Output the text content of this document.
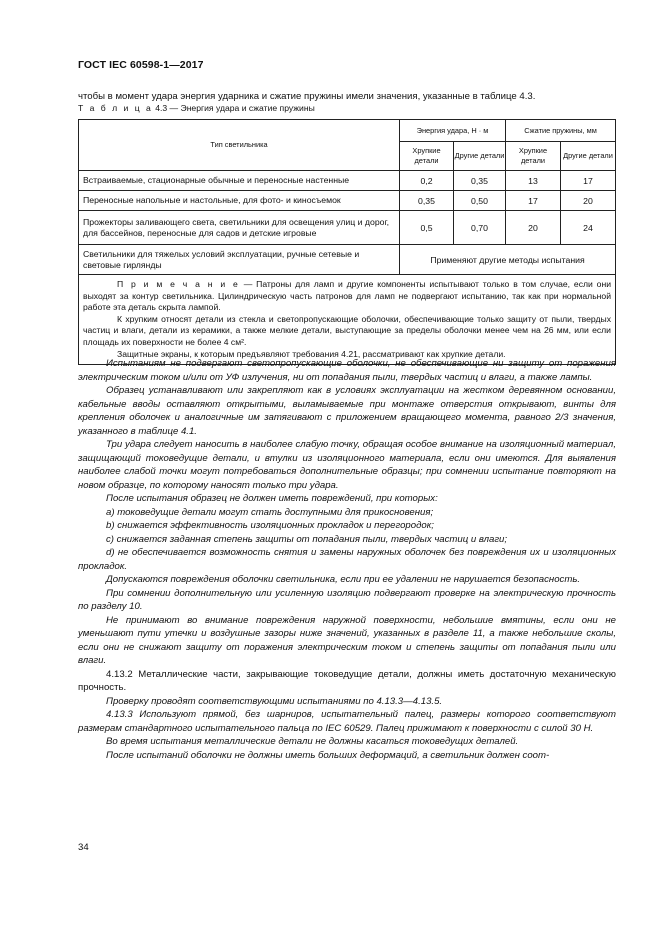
ГОСТ IEC 60598-1—2017
чтобы в момент удара энергия ударника и сжатие пружины имели значения, указанные в таблице 4.3.
Т а б л и ц а 4.3 — Энергия удара и сжатие пружины
Тип светильника	Энергия удара, Н · м		Сжатие пружины, мм	
	Хрупкие детали	Другие детали	Хрупкие детали	Другие детали
Встраиваемые, стационарные обычные и переносные настенные	0,2	0,35	13	17
Переносные напольные и настольные, для фото- и киносъемок	0,35	0,50	17	20
Прожекторы заливающего света, светильники для освещения улиц и дорог, для бассейнов, переносные для садов и детские игровые	0,5	0,70	20	24
Светильники для тяжелых условий эксплуатации, ручные сетевые и световые гирлянды	Применяют другие методы испытания			

П р и м е ч а н и е — Патроны для ламп и другие компоненты испытывают только в том случае, если они выходят за контур светильника. Цилиндрическую часть патронов для ламп не подвергают испытанию, так как при нормальной работе эта деталь скрыта лампой.

К хрупким относят детали из стекла и светопропускающие оболочки, обеспечивающие только защиту от пыли, твердых частиц и влаги, детали из керамики, а также мелкие детали, выступающие за пределы оболочки менее чем на 26 мм, или если площадь их поверхности не более 4 см².

Защитные экраны, к которым предъявляют требования 4.21, рассматривают как хрупкие детали.				

Испытаниям не подвергают светопропускающие оболочки, не обеспечивающие ни защиту от поражения электрическим током и/или от УФ излучения, ни от попадания пыли, твердых частиц и влаги, а также лампы.

Образец устанавливают или закрепляют как в условиях эксплуатации на жестком деревянном основании, кабельные вводы оставляют открытыми, выламываемые при монтаже отверстия открывают, винты для крепления оболочек и аналогичные им затягивают с приложением вращающего момента, равного 2/3 значения, указанного в таблице 4.1.

Три удара следует наносить в наиболее слабую точку, обращая особое внимание на изоляционный материал, защищающий токоведущие детали, и втулки из изоляционного материала, если они имеются. Для выявления наиболее слабой точки могут потребоваться дополнительные образцы; при сомнении испытание повторяют на новом образце, по которому наносят только три удара.

После испытания образец не должен иметь повреждений, при которых:

a) токоведущие детали могут стать доступными для прикосновения;

b) снижается эффективность изоляционных прокладок и перегородок;

c) снижается заданная степень защиты от попадания пыли, твердых частиц и влаги;

d) не обеспечивается возможность снятия и замены наружных оболочек без повреждения их и изоляционных прокладок.

Допускаются повреждения оболочки светильника, если при ее удалении не нарушается безопасность.

При сомнении дополнительную или усиленную изоляцию подвергают проверке на электрическую прочность по разделу 10.

Не принимают во внимание повреждения наружной поверхности, небольшие вмятины, если они не уменьшают пути утечки и воздушные зазоры ниже значений, указанных в разделе 11, а также небольшие сколы, если они не снижают защиту от поражения электрическим током и степень защиты от попадания пыли или влаги.

4.13.2 Металлические части, закрывающие токоведущие детали, должны иметь достаточную механическую прочность.

Проверку проводят соответствующими испытаниями по 4.13.3—4.13.5.

4.13.3 Используют прямой, без шарниров, испытательный палец, размеры которого соответствуют размерам стандартного испытательного пальца по IEC 60529. Палец прижимают к поверхности с силой 30 Н.

Во время испытания металлические детали не должны касаться токоведущих деталей.

После испытаний оболочки не должны иметь больших деформаций, а светильник должен соот-

34
